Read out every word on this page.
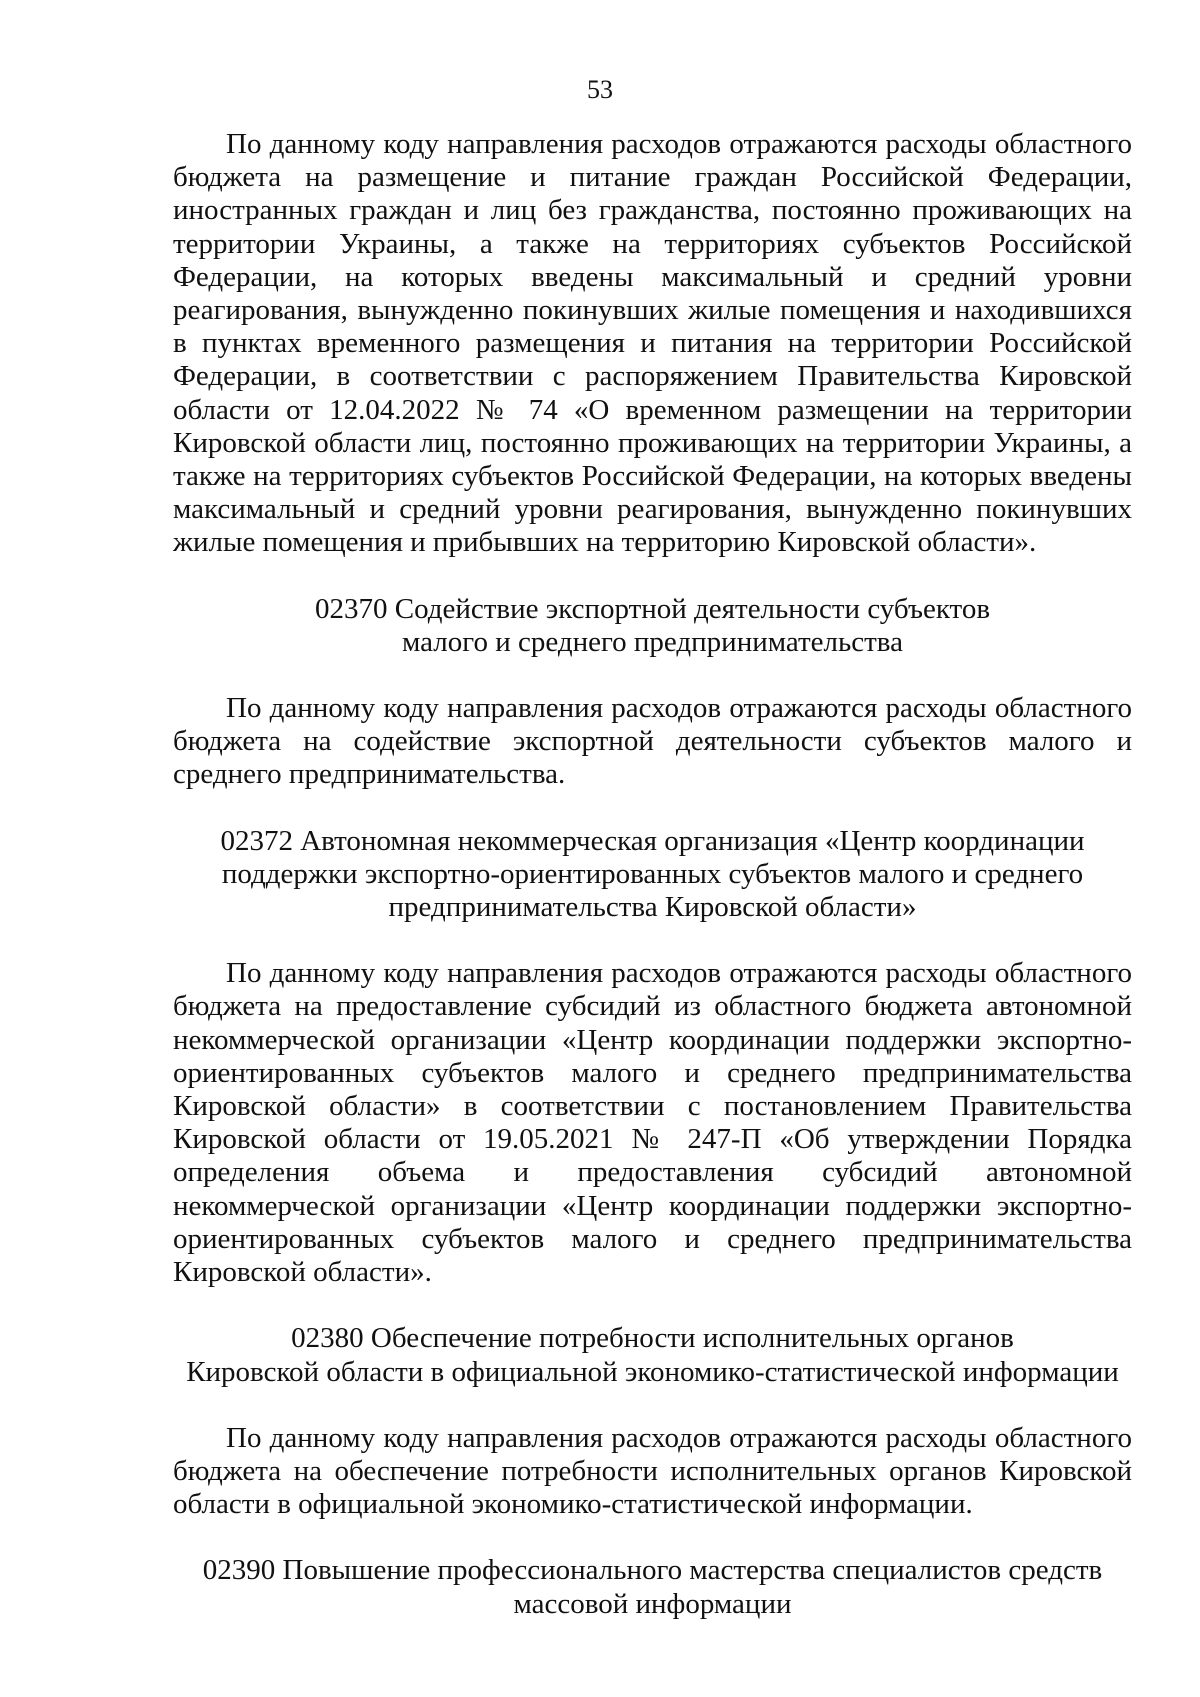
53

По данному коду направления расходов отражаются расходы областного бюджета на размещение и питание граждан Российской Федерации, иностранных граждан и лиц без гражданства, постоянно проживающих на территории Украины, а также на территориях субъектов Российской Федерации, на которых введены максимальный и средний уровни реагирования, вынужденно покинувших жилые помещения и находившихся в пунктах временного размещения и питания на территории Российской Федерации, в соответствии с распоряжением Правительства Кировской области от 12.04.2022 № 74 «О временном размещении на территории Кировской области лиц, постоянно проживающих на территории Украины, а также на территориях субъектов Российской Федерации, на которых введены максимальный и средний уровни реагирования, вынужденно покинувших жилые помещения и прибывших на территорию Кировской области».

02370 Содействие экспортной деятельности субъектов
малого и среднего предпринимательства

По данному коду направления расходов отражаются расходы областного бюджета на содействие экспортной деятельности субъектов малого и среднего предпринимательства.

02372 Автономная некоммерческая организация «Центр координации
поддержки экспортно-ориентированных субъектов малого и среднего
предпринимательства Кировской области»

По данному коду направления расходов отражаются расходы областного бюджета на предоставление субсидий из областного бюджета автономной некоммерческой организации «Центр координации поддержки экспортно-ориентированных субъектов малого и среднего предпринимательства Кировской области» в соответствии с постановлением Правительства Кировской области от 19.05.2021 № 247-П «Об утверждении Порядка определения объема и предоставления субсидий автономной некоммерческой организации «Центр координации поддержки экспортно-ориентированных субъектов малого и среднего предпринимательства Кировской области».

02380 Обеспечение потребности исполнительных органов
Кировской области в официальной экономико-статистической информации

По данному коду направления расходов отражаются расходы областного бюджета на обеспечение потребности исполнительных органов Кировской области в официальной экономико-статистической информации.

02390 Повышение профессионального мастерства специалистов средств
массовой информации
